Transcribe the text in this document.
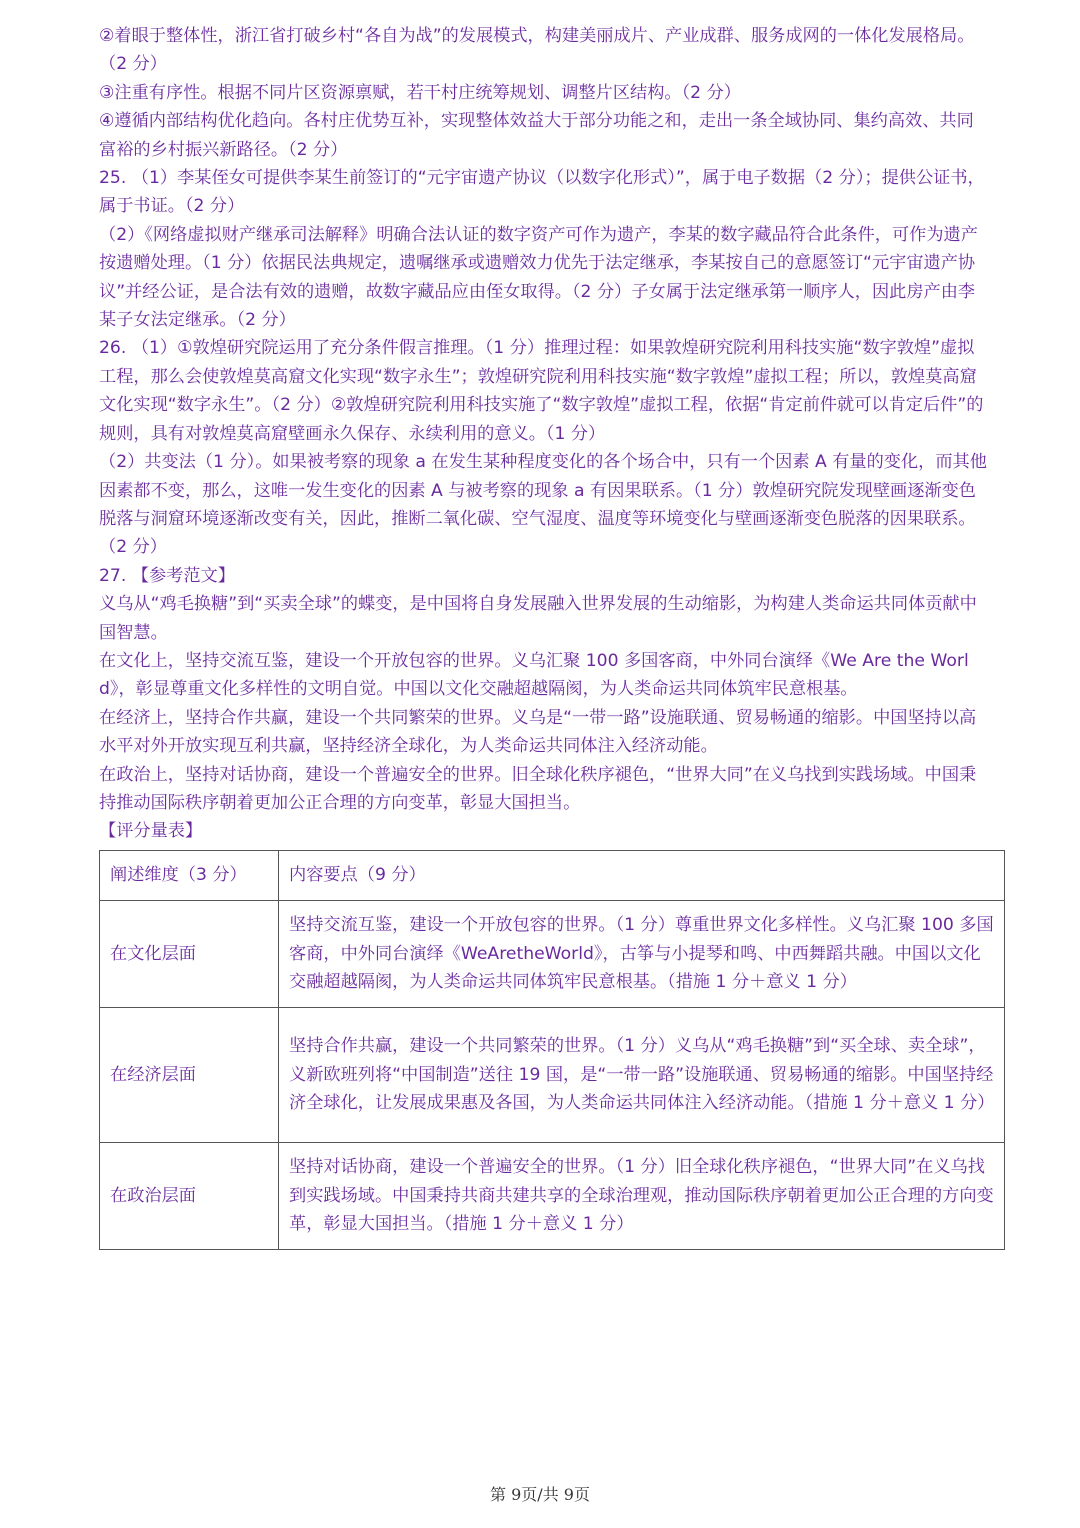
②着眼于整体性，浙江省打破乡村“各自为战”的发展模式，构建美丽成片、产业成群、服务成网的一体化发展格局。（2 分）

③注重有序性。根据不同片区资源禀赋，若干村庄统筹规划、调整片区结构。（2 分）

④遵循内部结构优化趋向。各村庄优势互补，实现整体效益大于部分功能之和，走出一条全域协同、集约高效、共同富裕的乡村振兴新路径。（2 分）

25. （1）李某侄女可提供李某生前签订的“元宇宙遗产协议（以数字化形式）”，属于电子数据（2 分）；提供公证书，属于书证。（2 分）

（2）《网络虚拟财产继承司法解释》明确合法认证的数字资产可作为遗产，李某的数字藏品符合此条件，可作为遗产按遗赠处理。（1 分）依据民法典规定，遗嘱继承或遗赠效力优先于法定继承，李某按自己的意愿签订“元宇宙遗产协议”并经公证，是合法有效的遗赠，故数字藏品应由侄女取得。（2 分）子女属于法定继承第一顺序人，因此房产由李某子女法定继承。（2 分）

26. （1）①敦煌研究院运用了充分条件假言推理。（1 分）推理过程：如果敦煌研究院利用科技实施“数字敦煌”虚拟工程，那么会使敦煌莫高窟文化实现“数字永生”；敦煌研究院利用科技实施“数字敦煌”虚拟工程；所以，敦煌莫高窟文化实现“数字永生”。（2 分）②敦煌研究院利用科技实施了“数字敦煌”虚拟工程，依据“肯定前件就可以肯定后件”的规则，具有对敦煌莫高窟壁画永久保存、永续利用的意义。（1 分）

（2）共变法（1 分）。如果被考察的现象 a 在发生某种程度变化的各个场合中，只有一个因素 A 有量的变化，而其他因素都不变，那么，这唯一发生变化的因素 A 与被考察的现象 a 有因果联系。（1 分）敦煌研究院发现壁画逐渐变色脱落与洞窟环境逐渐改变有关，因此，推断二氧化碳、空气湿度、温度等环境变化与壁画逐渐变色脱落的因果联系。（2 分）

27. 【参考范文】

义乌从“鸡毛换糖”到“买卖全球”的蝶变，是中国将自身发展融入世界发展的生动缩影，为构建人类命运共同体贡献中国智慧。

在文化上，坚持交流互鉴，建设一个开放包容的世界。义乌汇聚 100 多国客商，中外同台演绎《We Are the World》，彰显尊重文化多样性的文明自觉。中国以文化交融超越隔阂，为人类命运共同体筑牢民意根基。

在经济上，坚持合作共赢，建设一个共同繁荣的世界。义乌是“一带一路”设施联通、贸易畅通的缩影。中国坚持以高水平对外开放实现互利共赢，坚持经济全球化，为人类命运共同体注入经济动能。

在政治上，坚持对话协商，建设一个普遍安全的世界。旧全球化秩序褪色，“世界大同”在义乌找到实践场域。中国秉持推动国际秩序朝着更加公正合理的方向变革，彰显大国担当。

【评分量表】

阐述维度（3 分）	内容要点（9 分）
在文化层面	坚持交流互鉴，建设一个开放包容的世界。（1 分）尊重世界文化多样性。义乌汇聚 100 多国客商，中外同台演绎《WeAretheWorld》，古筝与小提琴和鸣、中西舞蹈共融。中国以文化交融超越隔阂，为人类命运共同体筑牢民意根基。（措施 1 分＋意义 1 分）
在经济层面	坚持合作共赢，建设一个共同繁荣的世界。（1 分）义乌从“鸡毛换糖”到“买全球、卖全球”，义新欧班列将“中国制造”送往 19 国，是“一带一路”设施联通、贸易畅通的缩影。中国坚持经济全球化，让发展成果惠及各国，为人类命运共同体注入经济动能。（措施 1 分＋意义 1 分）
在政治层面	坚持对话协商，建设一个普遍安全的世界。（1 分）旧全球化秩序褪色，“世界大同”在义乌找到实践场域。中国秉持共商共建共享的全球治理观，推动国际秩序朝着更加公正合理的方向变革，彰显大国担当。（措施 1 分＋意义 1 分）
第 9页/共 9页
